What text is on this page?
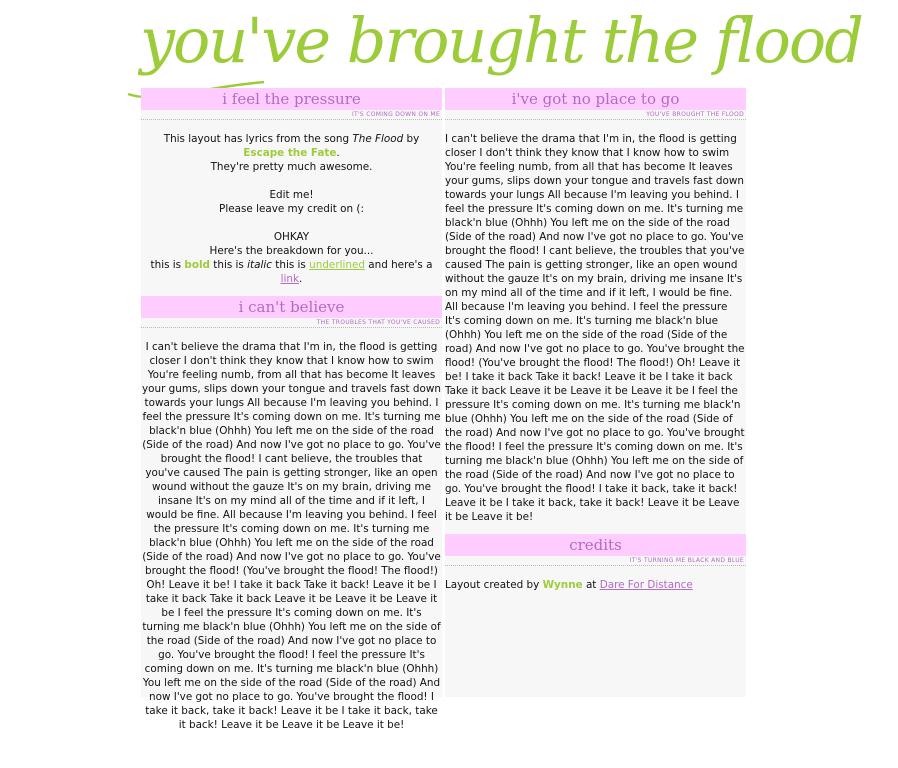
you've brought the flood
i feel the pressure
IT'S COMING DOWN ON ME
This layout has lyrics from the song The Flood by Escape the Fate.
They're pretty much awesome.
Edit me!
Please leave my credit on (:
OHKAY
Here's the breakdown for you...
this is bold this is italic this is underlined and here's a link.
i can't believe
THE TROUBLES THAT YOU'VE CAUSED
I can't believe the drama that I'm in, the flood is getting closer I don't think they know that I know how to swim You're feeling numb, from all that has become It leaves your gums, slips down your tongue and travels fast down towards your lungs All because I'm leaving you behind. I feel the pressure It's coming down on me. It's turning me black'n blue (Ohhh) You left me on the side of the road (Side of the road) And now I've got no place to go. You've brought the flood! I cant believe, the troubles that you've caused The pain is getting stronger, like an open wound without the gauze It's on my brain, driving me insane It's on my mind all of the time and if it left, I would be fine. All because I'm leaving you behind. I feel the pressure It's coming down on me. It's turning me black'n blue (Ohhh) You left me on the side of the road (Side of the road) And now I've got no place to go. You've brought the flood! (You've brought the flood! The flood!) Oh! Leave it be! I take it back Take it back! Leave it be I take it back Take it back Leave it be Leave it be Leave it be I feel the pressure It's coming down on me. It's turning me black'n blue (Ohhh) You left me on the side of the road (Side of the road) And now I've got no place to go. You've brought the flood! I feel the pressure It's coming down on me. It's turning me black'n blue (Ohhh) You left me on the side of the road (Side of the road) And now I've got no place to go. You've brought the flood! I take it back, take it back! Leave it be I take it back, take it back! Leave it be Leave it be Leave it be!
i've got no place to go
YOU'VE BROUGHT THE FLOOD
I can't believe the drama that I'm in, the flood is getting closer I don't think they know that I know how to swim You're feeling numb, from all that has become It leaves your gums, slips down your tongue and travels fast down towards your lungs All because I'm leaving you behind. I feel the pressure It's coming down on me. It's turning me black'n blue (Ohhh) You left me on the side of the road (Side of the road) And now I've got no place to go. You've brought the flood! I cant believe, the troubles that you've caused The pain is getting stronger, like an open wound without the gauze It's on my brain, driving me insane It's on my mind all of the time and if it left, I would be fine. All because I'm leaving you behind. I feel the pressure It's coming down on me. It's turning me black'n blue (Ohhh) You left me on the side of the road (Side of the road) And now I've got no place to go. You've brought the flood! (You've brought the flood! The flood!) Oh! Leave it be! I take it back Take it back! Leave it be I take it back Take it back Leave it be Leave it be Leave it be I feel the pressure It's coming down on me. It's turning me black'n blue (Ohhh) You left me on the side of the road (Side of the road) And now I've got no place to go. You've brought the flood! I feel the pressure It's coming down on me. It's turning me black'n blue (Ohhh) You left me on the side of the road (Side of the road) And now I've got no place to go. You've brought the flood! I take it back, take it back! Leave it be I take it back, take it back! Leave it be Leave it be Leave it be!
credits
IT'S TURNING ME BLACK AND BLUE
Layout created by Wynne at Dare For Distance
